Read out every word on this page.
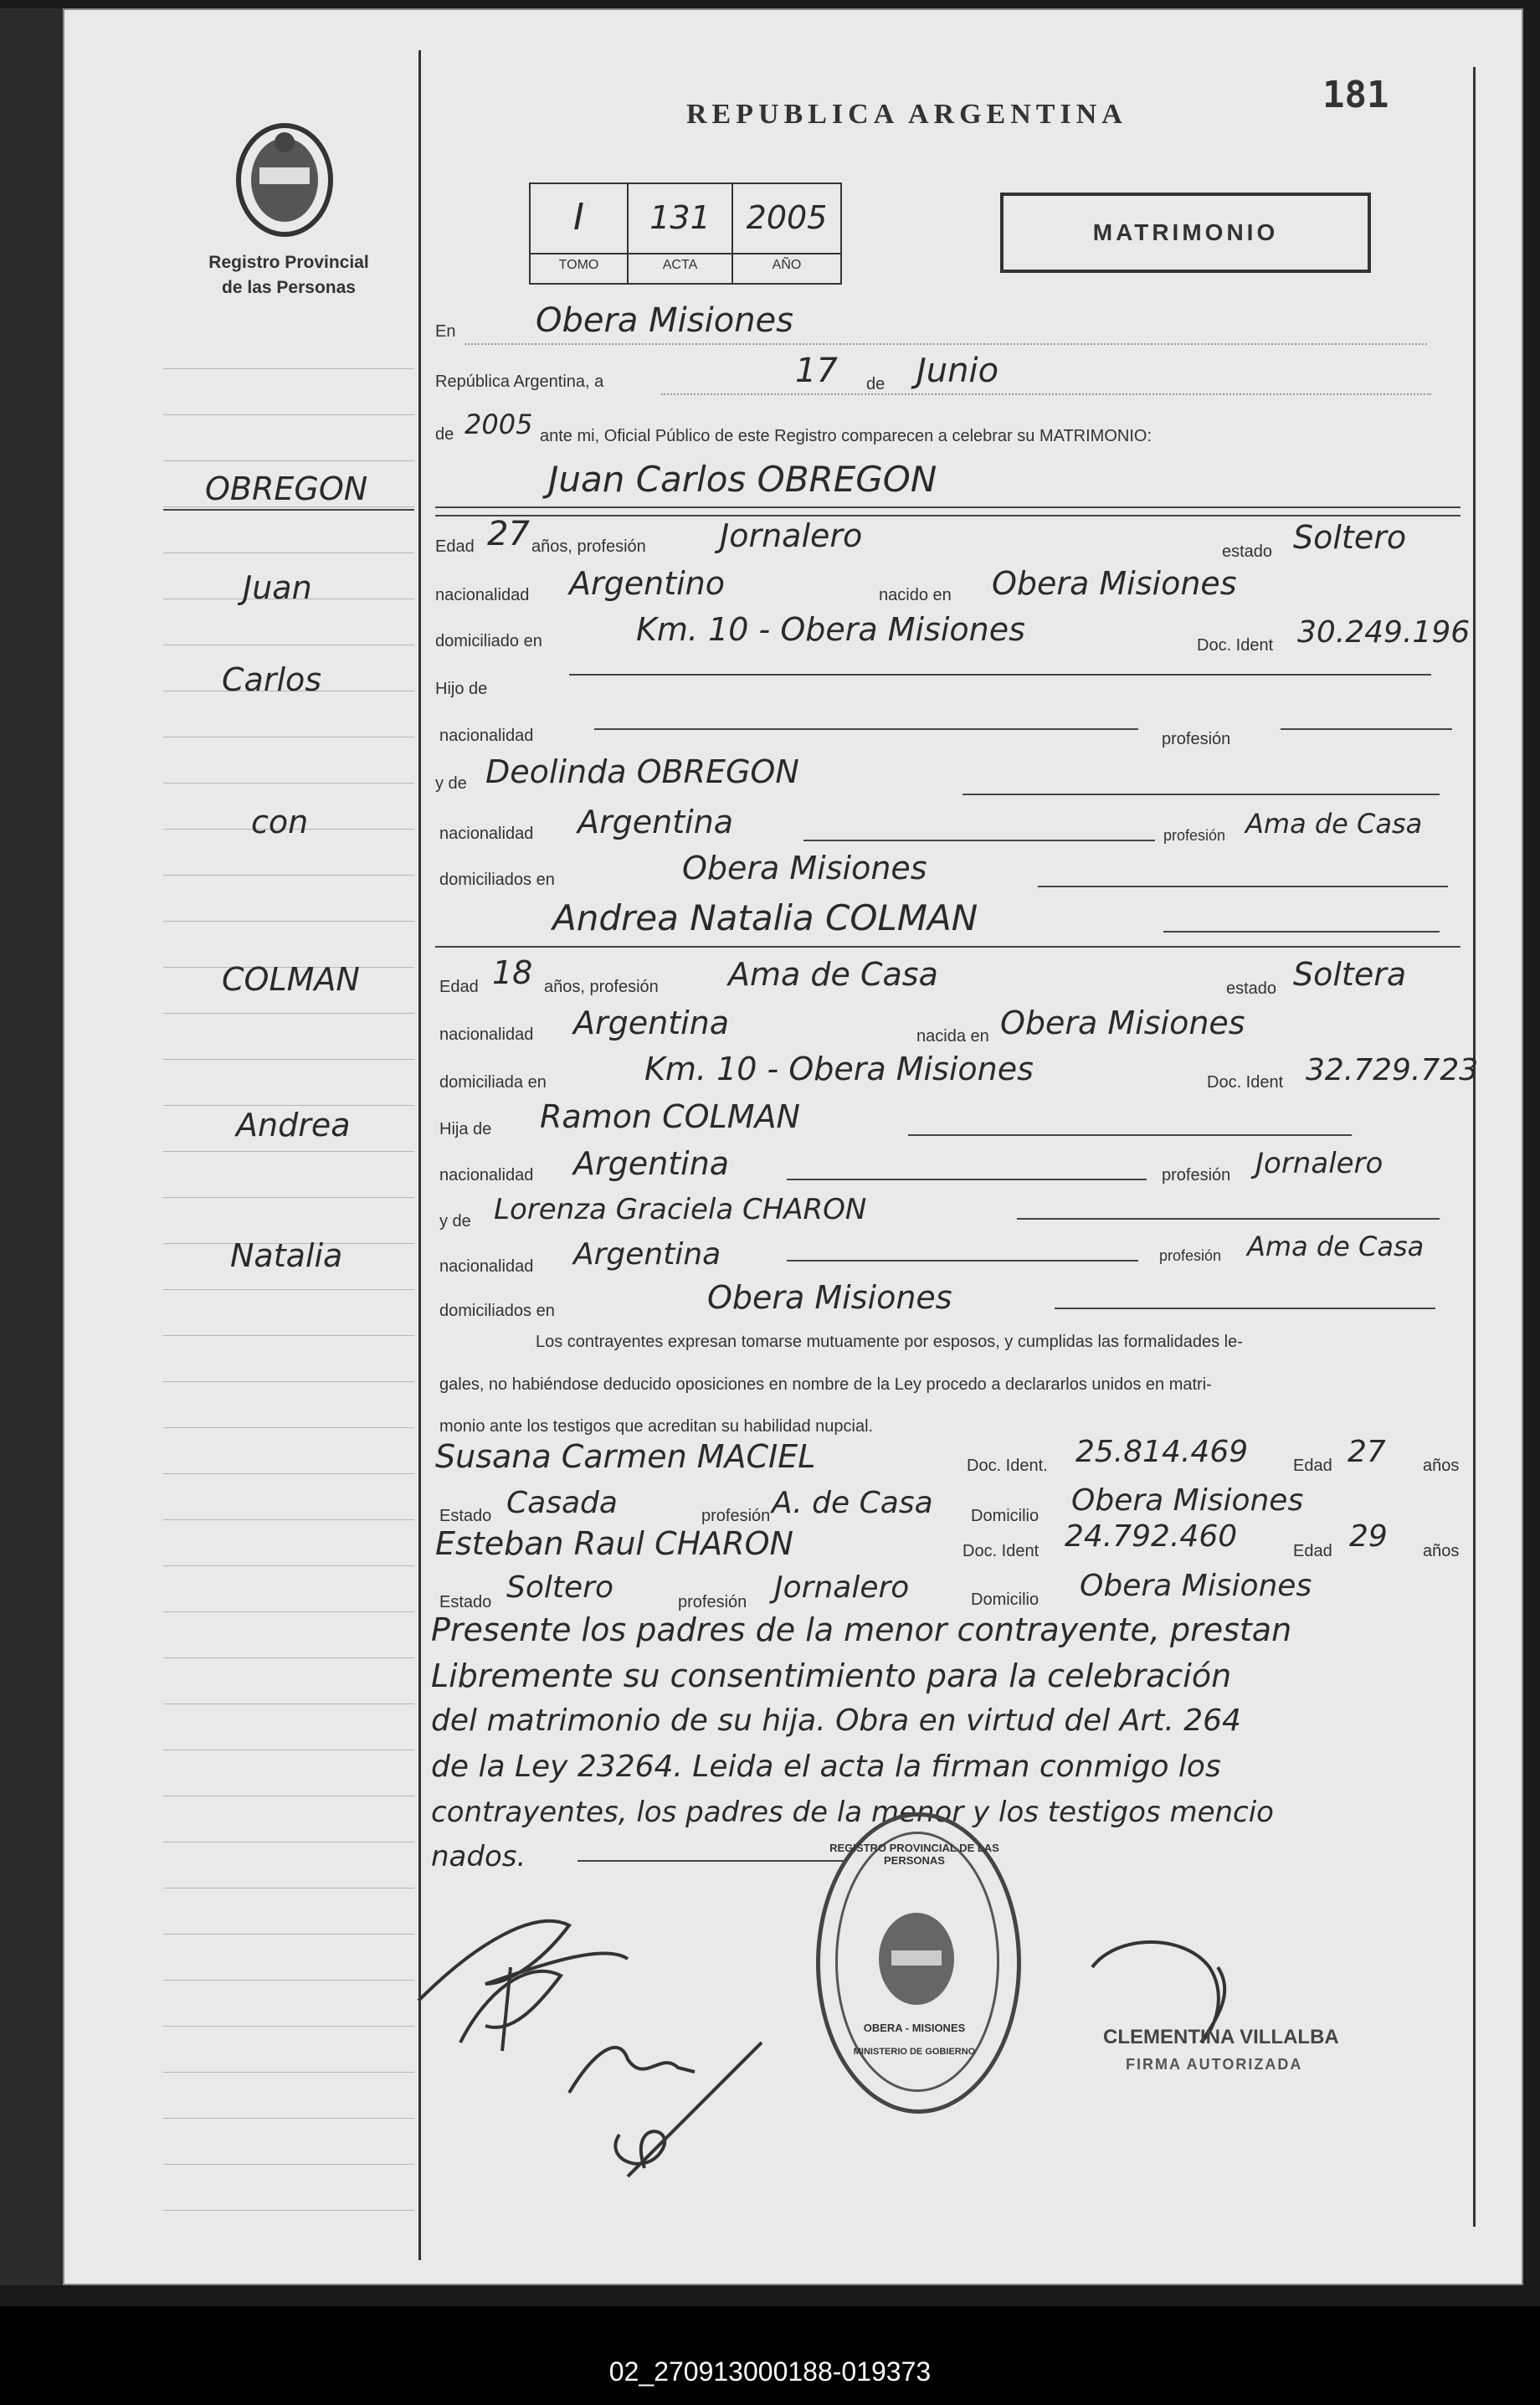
Registro Provincial
de las Personas
REPUBLICA ARGENTINA	181
I	131	2005
TOMO	ACTA	AÑO
MATRIMONIO
OBREGON
Juan
Carlos
con
COLMAN
Andrea
Natalia
En Obera Misiones
República Argentina, a	17 de Junio
de 2005 ante mi, Oficial Público de este Registro comparecen a celebrar su MATRIMONIO:
Juan Carlos OBREGON
Edad 27 años, profesión Jornalero	estado Soltero
nacionalidad Argentino	nacido en Obera Misiones
domiciliado en	Km. 10 - Obera Misiones	Doc. Ident 30.249.196
Hijo de
nacionalidad	profesión
y de Deolinda OBREGON
nacionalidad Argentina	profesión Ama de Casa
domiciliados en	Obera Misiones
Andrea Natalia COLMAN
Edad 18 años, profesión Ama de Casa	estado Soltera
nacionalidad Argentina	nacida en Obera Misiones
domiciliada en	Km. 10 - Obera Misiones	Doc. Ident 32.729.723
Hija de Ramon COLMAN
nacionalidad Argentina	profesión Jornalero
y de Lorenza Graciela CHARON
nacionalidad Argentina	profesión Ama de Casa
domiciliados en	Obera Misiones
Los contrayentes expresan tomarse mutuamente por esposos, y cumplidas las formalidades le-
gales, no habiéndose deducido oposiciones en nombre de la Ley procedo a declararlos unidos en matri-
monio ante los testigos que acreditan su habilidad nupcial.
Susana Carmen MACIEL	Doc. Ident. 25.814.469	Edad 27 años
Estado Casada	profesión A. de Casa Domicilio Obera Misiones
Esteban Raul CHARON	Doc. Ident 24.792.460	Edad 29 años
Estado Soltero	profesión Jornalero	Domicilio Obera Misiones
Presente los padres de la menor contrayente, prestan
Libremente su consentimiento para la celebración
del matrimonio de su hija. Obra en virtud del Art. 264
de la Ley 23264. Leida el acta la firman conmigo los
contrayentes, los padres de la menor y los testigos mencio
nados.	REGISTRO PROVINCIAL DE LAS PERSONAS
OBERA - MISIONES
MINISTERIO DE GOBIERNO
CLEMENTINA VILLALBA
FIRMA AUTORIZADA
02_270913000188-019373
